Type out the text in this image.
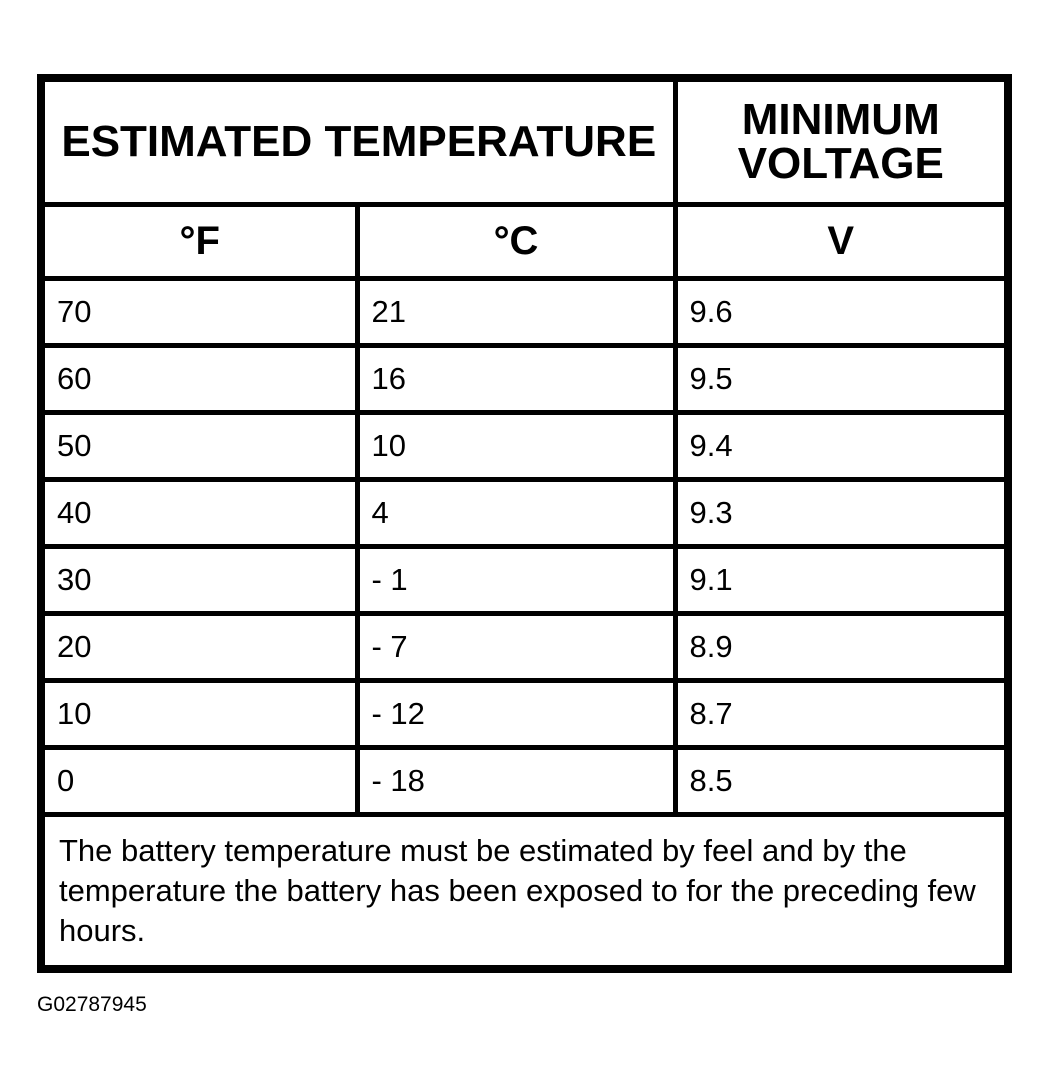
ESTIMATED TEMPERATURE		MINIMUM
VOLTAGE

°F	°C	V
70	21	9.6
60	16	9.5
50	10	9.4
40	4	9.3
30	- 1	9.1
20	- 7	8.9
10	- 12	8.7
0	- 18	8.5
The battery temperature must be estimated by feel and by the temperature the battery has been exposed to for the preceding few hours.		
G02787945
